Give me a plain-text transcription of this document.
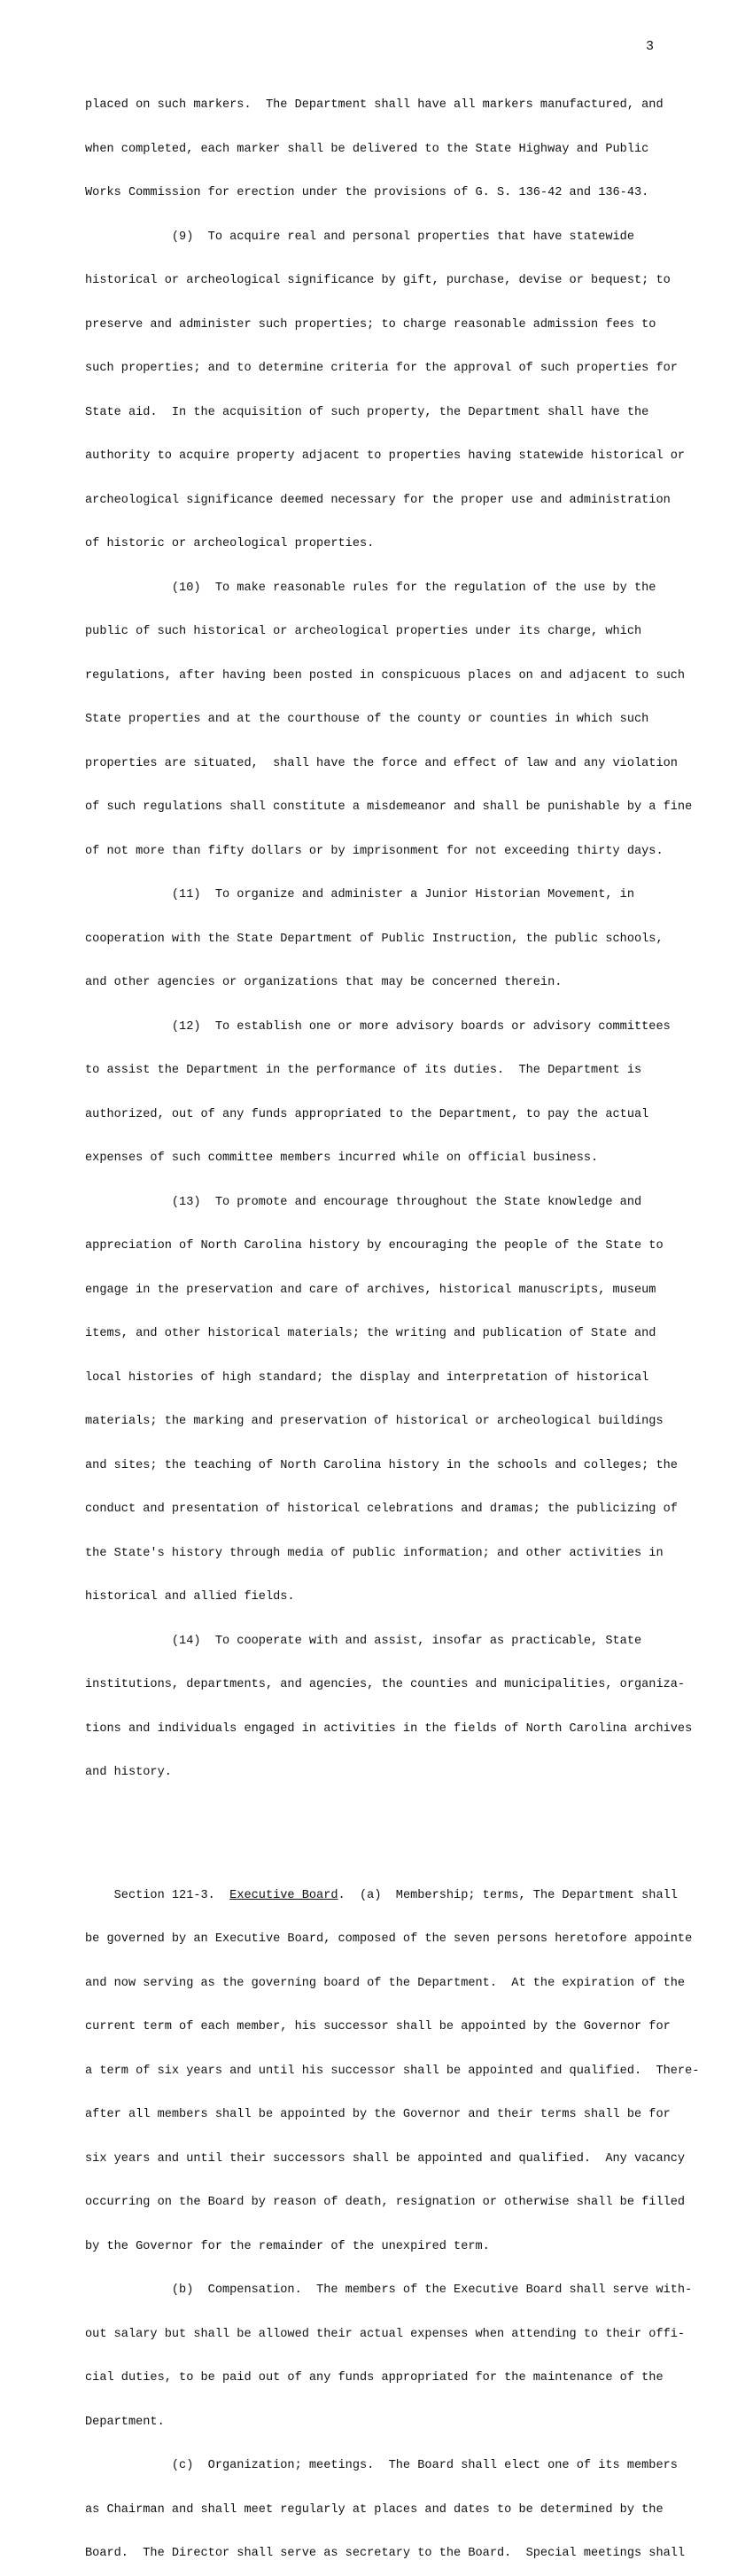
3

placed on such markers.  The Department shall have all markers manufactured, and

when completed, each marker shall be delivered to the State Highway and Public

Works Commission for erection under the provisions of G. S. 136-42 and 136-43.

(9)  To acquire real and personal properties that have statewide

historical or archeological significance by gift, purchase, devise or bequest; to

preserve and administer such properties; to charge reasonable admission fees to

such properties; and to determine criteria for the approval of such properties for

State aid.  In the acquisition of such property, the Department shall have the

authority to acquire property adjacent to properties having statewide historical or

archeological significance deemed necessary for the proper use and administration

of historic or archeological properties.

(10)  To make reasonable rules for the regulation of the use by the

public of such historical or archeological properties under its charge, which

regulations, after having been posted in conspicuous places on and adjacent to such

State properties and at the courthouse of the county or counties in which such

properties are situated,  shall have the force and effect of law and any violation

of such regulations shall constitute a misdemeanor and shall be punishable by a fine

of not more than fifty dollars or by imprisonment for not exceeding thirty days.

(11)  To organize and administer a Junior Historian Movement, in

cooperation with the State Department of Public Instruction, the public schools,

and other agencies or organizations that may be concerned therein.

(12)  To establish one or more advisory boards or advisory committees

to assist the Department in the performance of its duties.  The Department is

authorized, out of any funds appropriated to the Department, to pay the actual

expenses of such committee members incurred while on official business.

(13)  To promote and encourage throughout the State knowledge and

appreciation of North Carolina history by encouraging the people of the State to

engage in the preservation and care of archives, historical manuscripts, museum

items, and other historical materials; the writing and publication of State and

local histories of high standard; the display and interpretation of historical

materials; the marking and preservation of historical or archeological buildings

and sites; the teaching of North Carolina history in the schools and colleges; the

conduct and presentation of historical celebrations and dramas; the publicizing of

the State's history through media of public information; and other activities in

historical and allied fields.

(14)  To cooperate with and assist, insofar as practicable, State

institutions, departments, and agencies, the counties and municipalities, organiza-

tions and individuals engaged in activities in the fields of North Carolina archives

and history.

Section 121-3.  Executive Board.  (a)  Membership; terms, The Department shall

be governed by an Executive Board, composed of the seven persons heretofore appointe

and now serving as the governing board of the Department.  At the expiration of the

current term of each member, his successor shall be appointed by the Governor for

a term of six years and until his successor shall be appointed and qualified.  There-

after all members shall be appointed by the Governor and their terms shall be for

six years and until their successors shall be appointed and qualified.  Any vacancy

occurring on the Board by reason of death, resignation or otherwise shall be filled

by the Governor for the remainder of the unexpired term.

(b)  Compensation.  The members of the Executive Board shall serve with-

out salary but shall be allowed their actual expenses when attending to their offi-

cial duties, to be paid out of any funds appropriated for the maintenance of the

Department.

(c)  Organization; meetings.  The Board shall elect one of its members

as Chairman and shall meet regularly at places and dates to be determined by the

Board.  The Director shall serve as secretary to the Board.  Special meetings shall
